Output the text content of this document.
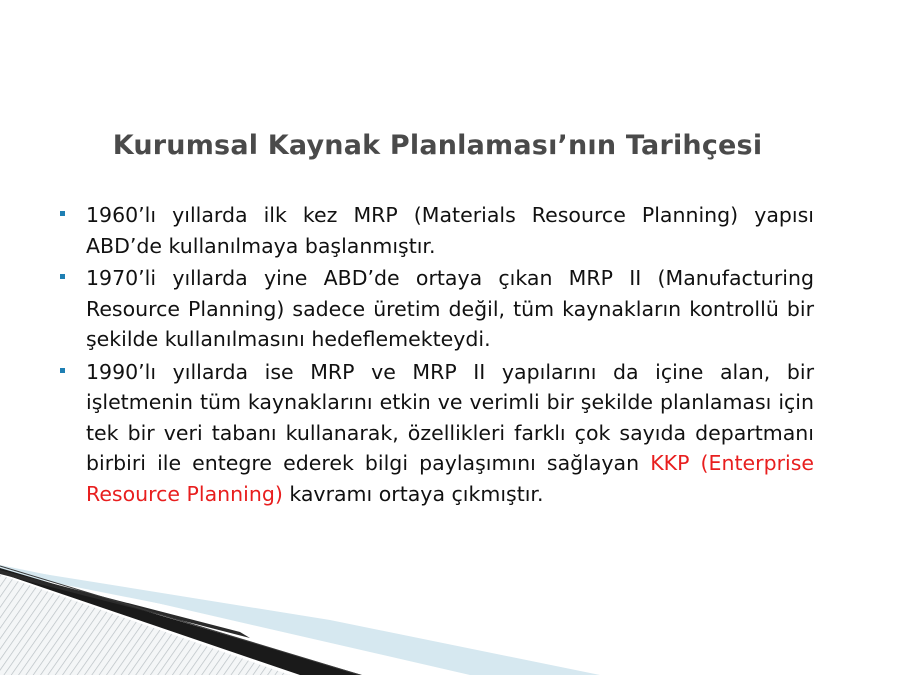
Kurumsal Kaynak Planlaması’nın Tarihçesi
1960’lı yıllarda ilk kez MRP (Materials Resource Planning) yapısı ABD’de kullanılmaya başlanmıştır.
1970’li yıllarda yine ABD’de ortaya çıkan MRP II (Manufacturing Resource Planning) sadece üretim değil, tüm kaynakların kontrollü bir şekilde kullanılmasını hedeflemekteydi.
1990’lı yıllarda ise MRP ve MRP II yapılarını da içine alan, bir işletmenin tüm kaynaklarını etkin ve verimli bir şekilde planlaması için tek bir veri tabanı kullanarak, özellikleri farklı çok sayıda departmanı birbiri ile entegre ederek bilgi paylaşımını sağlayan KKP (Enterprise Resource Planning) kavramı ortaya çıkmıştır.
